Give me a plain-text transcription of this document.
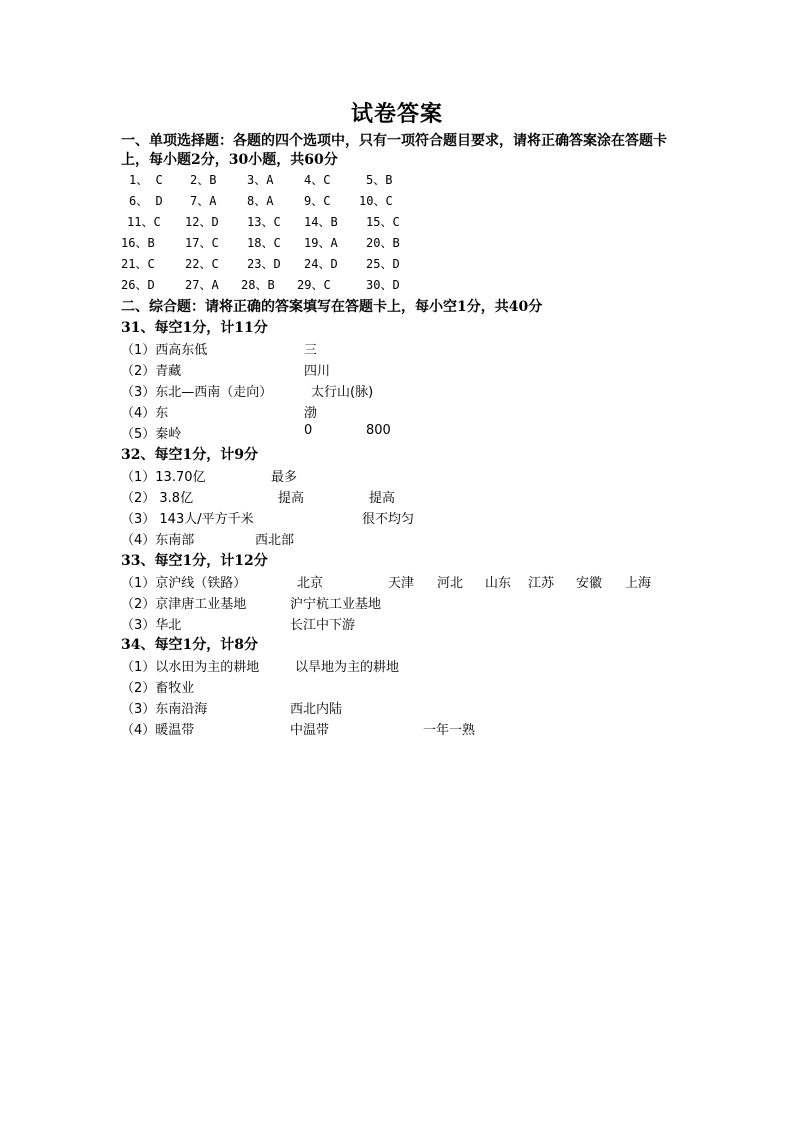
试卷答案
一、单项选择题：各题的四个选项中，只有一项符合题目要求，请将正确答案涂在答题卡
上，每小题2分，30小题，共60分
1、 C 2、B	3、A	4、C	5、B
6、 D 7、A	8、A	9、C 10、C
11、C 12、D 13、C 14、B 15、C
16、B	17、C 18、C 19、A 20、B
21、C	22、C 23、D 24、D 25、D
26、D	27、A 28、B 29、C	30、D
二、综合题：请将正确的答案填写在答题卡上，每小空1分，共40分
31、每空1分，计11分
（1）西高东低	三
（2）青藏	四川
（3）东北—西南（走向）	太行山(脉)
（4）东	渤
（5）秦岭	0	800
32、每空1分，计9分
（1）13.70亿	最多
（2） 3.8亿	提高	提高
（3） 143人/平方千米	很不均匀
（4）东南部	西北部
33、每空1分，计12分
（1）京沪线（铁路）	北京	天津 河北 山东 江苏 安徽 上海
（2）京津唐工业基地	沪宁杭工业基地
（3）华北	长江中下游
34、每空1分，计8分
（1）以水田为主的耕地	以旱地为主的耕地
（2）畜牧业
（3）东南沿海	西北内陆
（4）暖温带	中温带	一年一熟
